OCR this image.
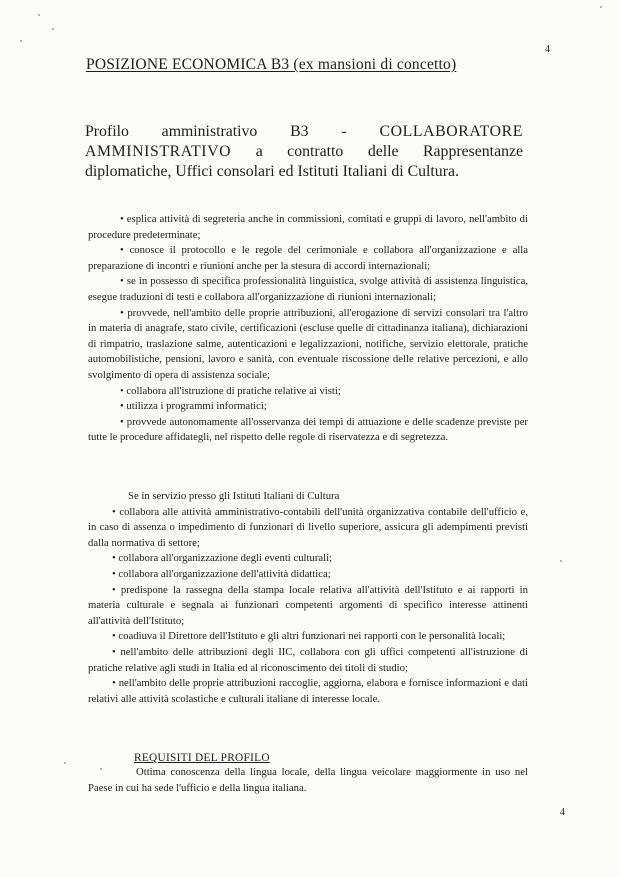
4
POSIZIONE ECONOMICA B3 (ex mansioni di concetto)
Profilo amministrativo B3 - COLLABORATORE AMMINISTRATIVO a contratto delle Rappresentanze diplomatiche, Uffici consolari ed Istituti Italiani di Cultura.

• esplica attività di segreteria anche in commissioni, comitati e gruppi di lavoro, nell'ambito di procedure predeterminate;

• conosce il protocollo e le regole del cerimoniale e collabora all'organizzazione e alla preparazione di incontri e riunioni anche per la stesura di accordi internazionali;

• se in possesso di specifica professionalità linguistica, svolge attività di assistenza linguistica, esegue traduzioni di testi e collabora all'organizzazione di riunioni internazionali;

• provvede, nell'ambito delle proprie attribuzioni, all'erogazione di servizi consolari tra l'altro in materia di anagrafe, stato civile, certificazioni (escluse quelle di cittadinanza italiana), dichiarazioni di rimpatrio, traslazione salme, autenticazioni e legalizzazioni, notifiche, servizio elettorale, pratiche automobilistiche, pensioni, lavoro e sanità, con eventuale riscossione delle relative percezioni, e allo svolgimento di opera di assistenza sociale;

• collabora all'istruzione di pratiche relative ai visti;

• utilizza i programmi informatici;

• provvede autonomamente all'osservanza dei tempi di attuazione e delle scadenze previste per tutte le procedure affidategli, nel rispetto delle regole di riservatezza e di segretezza.

Se in servizio presso gli Istituti Italiani di Cultura

• collabora alle attività amministrativo-contabili dell'unità organizzativa contabile dell'ufficio e, in caso di assenza o impedimento di funzionari di livello superiore, assicura gli adempimenti previsti dalla normativa di settore;

• collabora all'organizzazione degli eventi culturali;

• collabora all'organizzazione dell'attività didattica;

• predispone la rassegna della stampa locale relativa all'attività dell'Istituto e ai rapporti in materia culturale e segnala ai funzionari competenti argomenti di specifico interesse attinenti all'attività dell'Istituto;

• coadiuva il Direttore dell'Istituto e gli altri funzionari nei rapporti con le personalità locali;

• nell'ambito delle attribuzioni degli IIC, collabora con gli uffici competenti all'istruzione di pratiche relative agli studi in Italia ed al riconoscimento dei titoli di studio;

• nell'ambito delle proprie attribuzioni raccoglie, aggiorna, elabora e fornisce informazioni e dati relativi alle attività scolastiche e culturali italiane di interesse locale.

REQUISITI DEL PROFILO

Ottima conoscenza della lingua locale, della lingua veicolare maggiormente in uso nel Paese in cui ha sede l'ufficio e della lingua italiana.

4
